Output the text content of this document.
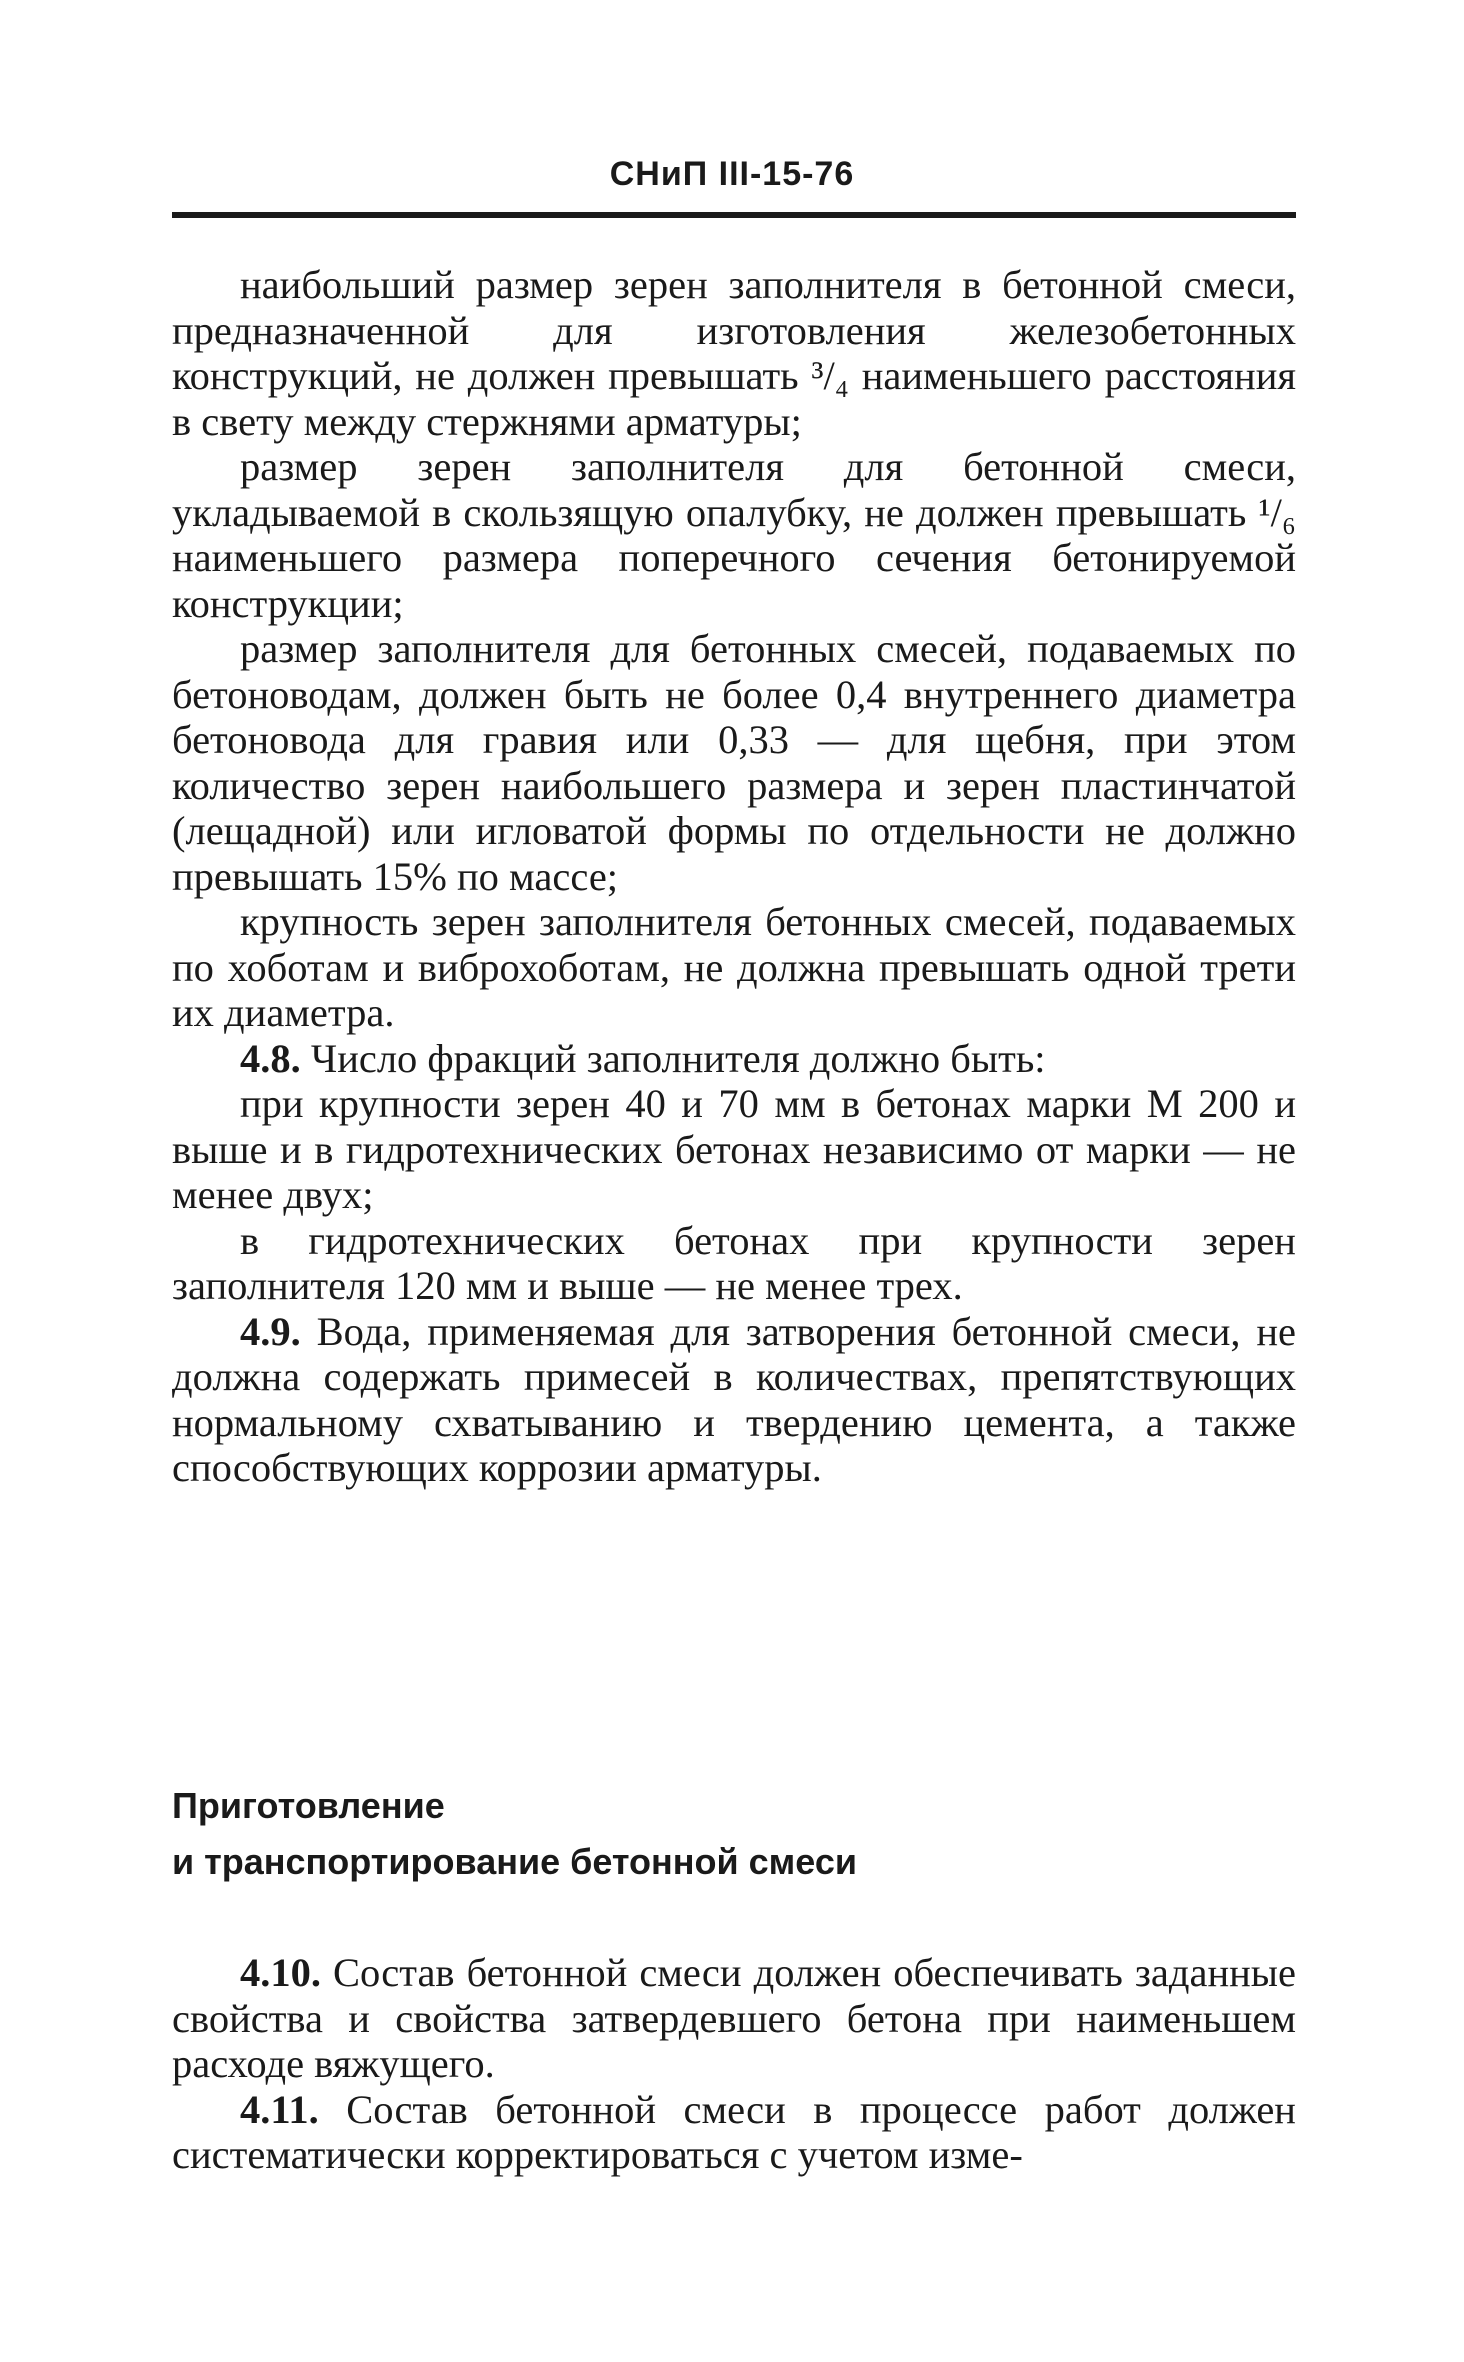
СНиП III-15-76

наибольший размер зерен заполнителя в бетонной смеси, предназначенной для изготовления железобетонных конструкций, не должен превышать ³/₄ наименьшего расстояния в свету между стержнями арматуры;

размер зерен заполнителя для бетонной смеси, укладываемой в скользящую опалубку, не должен превышать ¹/₆ наименьшего размера поперечного сечения бетонируемой конструкции;

размер заполнителя для бетонных смесей, подаваемых по бетоноводам, должен быть не более 0,4 внутреннего диаметра бетоновода для гравия или 0,33 — для щебня, при этом количество зерен наибольшего размера и зерен пластинчатой (лещадной) или игловатой формы по отдельности не должно превышать 15% по массе;

крупность зерен заполнителя бетонных смесей, подаваемых по хоботам и виброхоботам, не должна превышать одной трети их диаметра.

4.8. Число фракций заполнителя должно быть:

при крупности зерен 40 и 70 мм в бетонах марки М 200 и выше и в гидротехнических бетонах независимо от марки — не менее двух;

в гидротехнических бетонах при крупности зерен заполнителя 120 мм и выше — не менее трех.

4.9. Вода, применяемая для затворения бетонной смеси, не должна содержать примесей в количествах, препятствующих нормальному схватыванию и твердению цемента, а также способствующих коррозии арматуры.

Приготовление
и транспортирование бетонной смеси

4.10. Состав бетонной смеси должен обеспечивать заданные свойства и свойства затвердевшего бетона при наименьшем расходе вяжущего.

4.11. Состав бетонной смеси в процессе работ должен систематически корректироваться с учетом изме-
